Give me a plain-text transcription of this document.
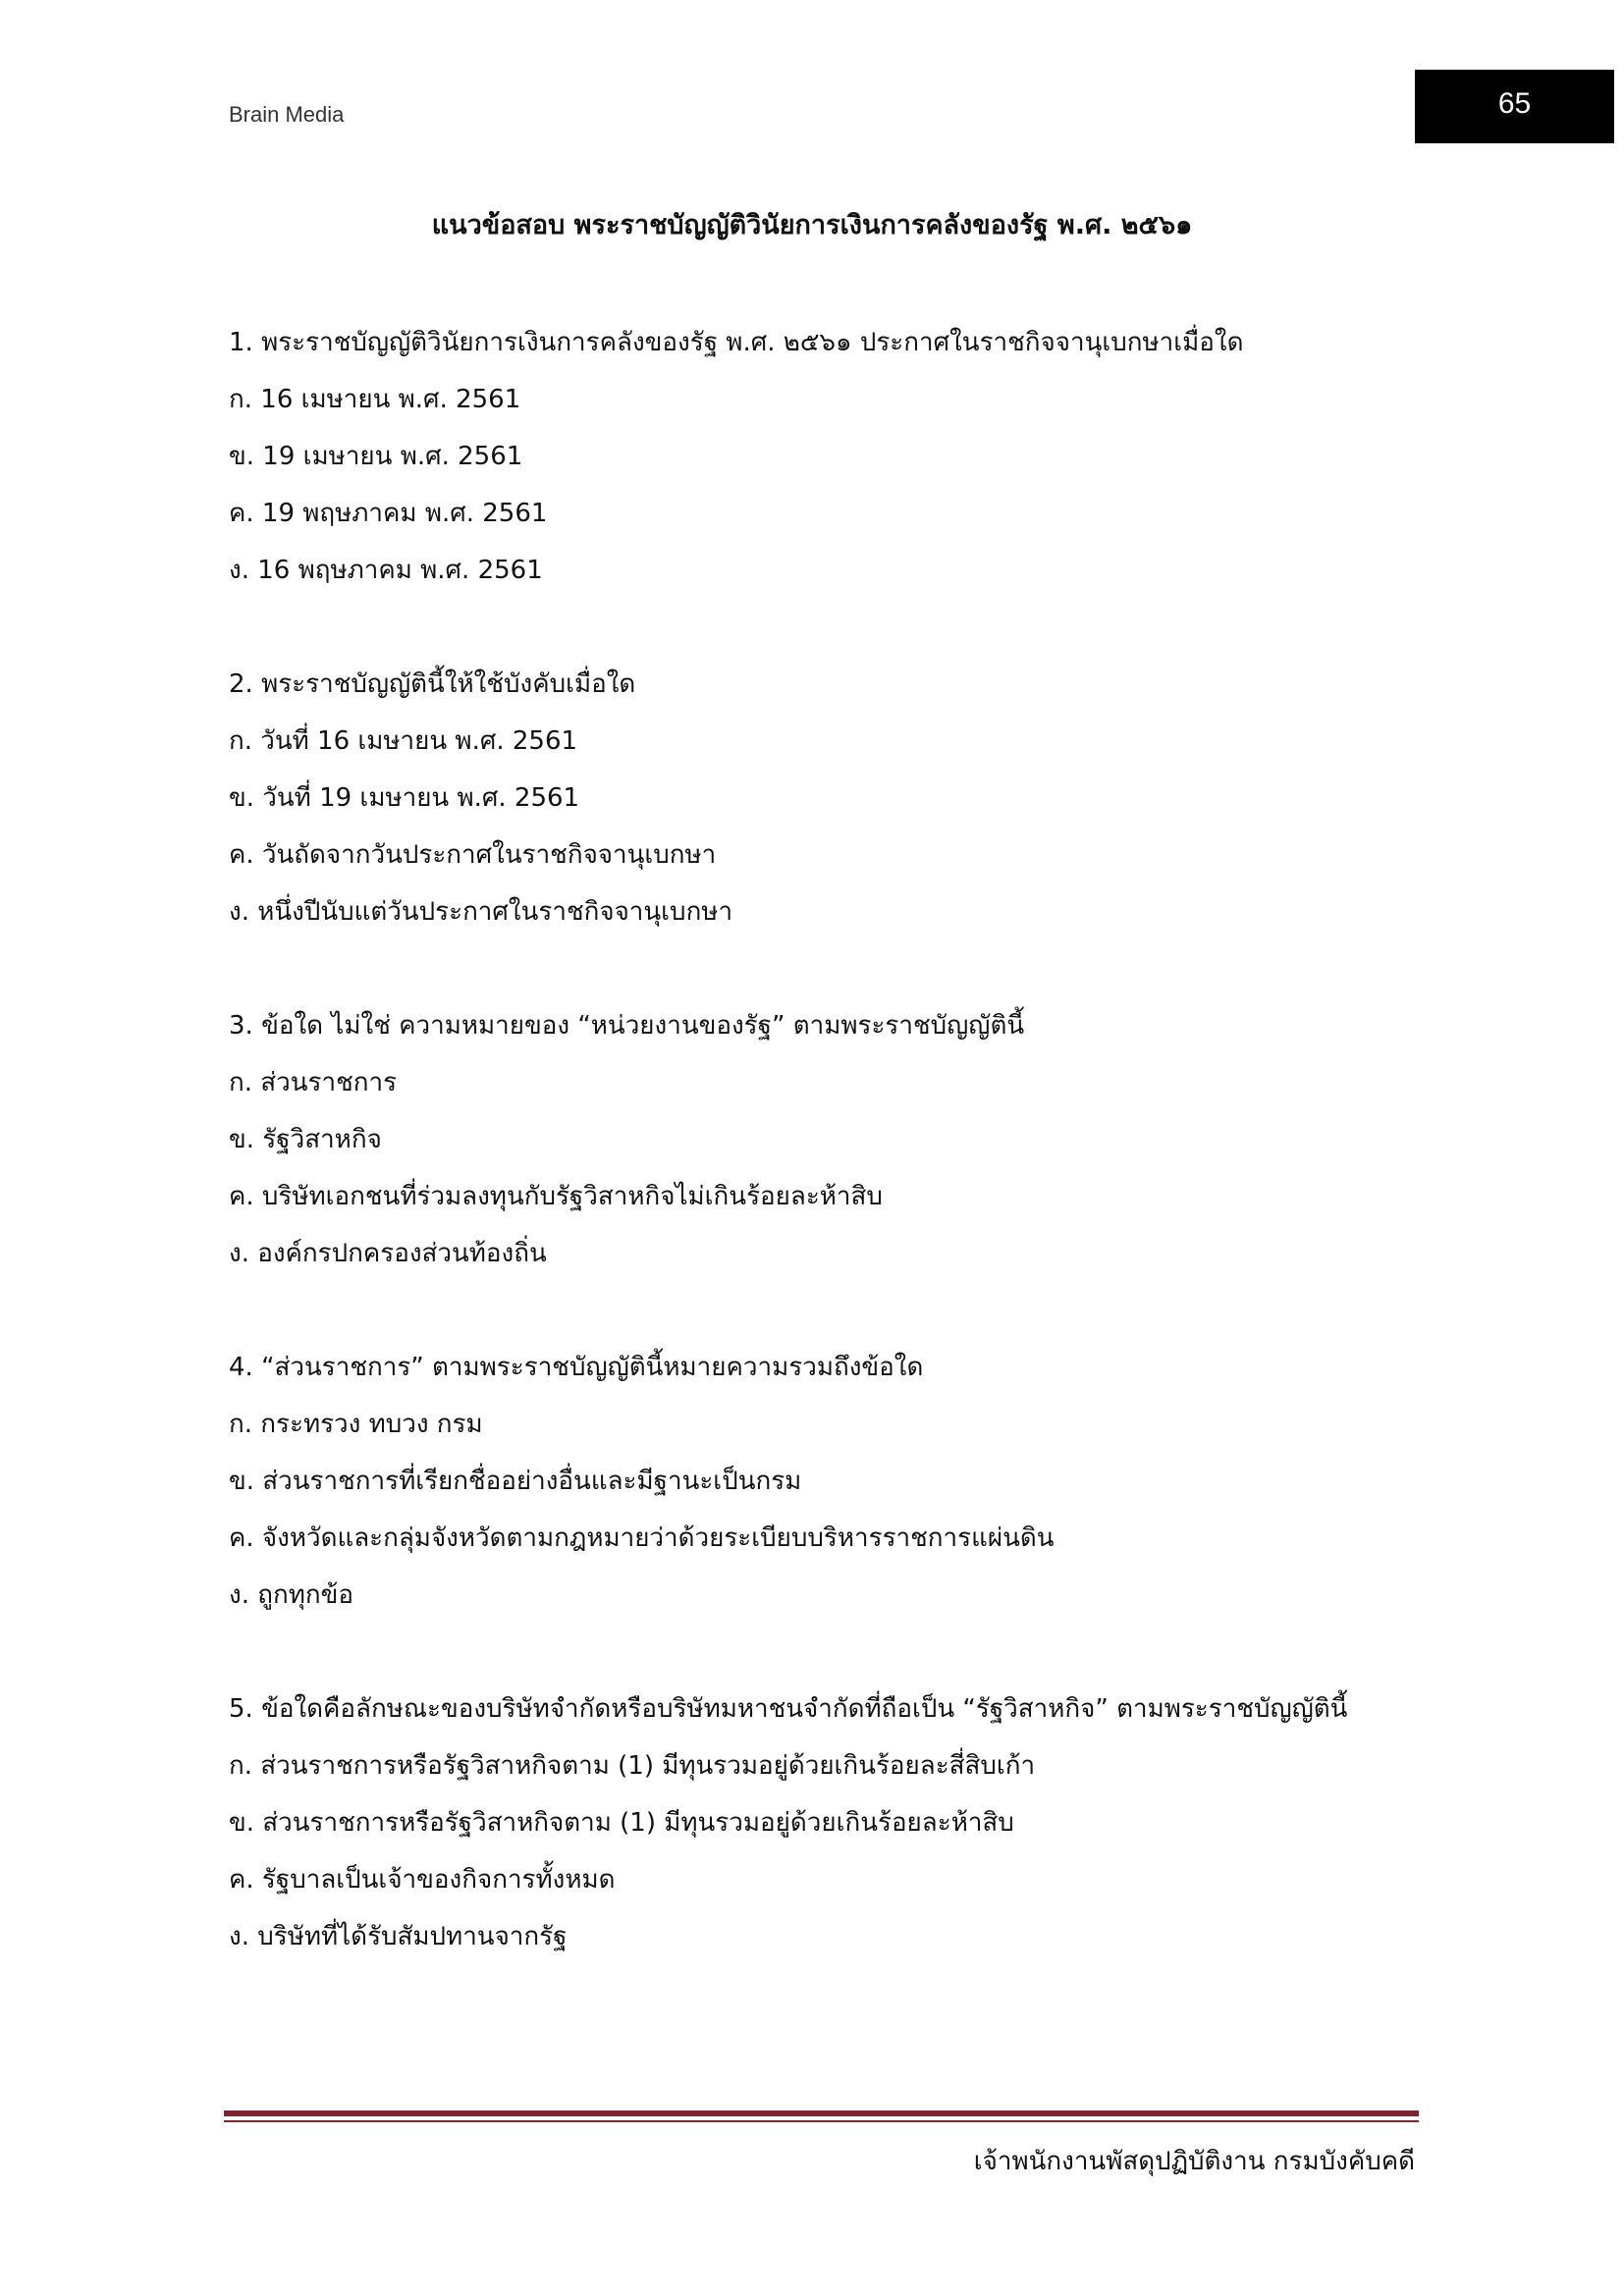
Brain Media	65
แนวข้อสอบ พระราชบัญญัติวินัยการเงินการคลังของรัฐ พ.ศ. ๒๕๖๑
1. พระราชบัญญัติวินัยการเงินการคลังของรัฐ พ.ศ. ๒๕๖๑ ประกาศในราชกิจจานุเบกษาเมื่อใด
ก. 16 เมษายน พ.ศ. 2561
ข. 19 เมษายน พ.ศ. 2561
ค. 19 พฤษภาคม พ.ศ. 2561
ง. 16 พฤษภาคม พ.ศ. 2561
2. พระราชบัญญัตินี้ให้ใช้บังคับเมื่อใด
ก. วันที่ 16 เมษายน พ.ศ. 2561
ข. วันที่ 19 เมษายน พ.ศ. 2561
ค. วันถัดจากวันประกาศในราชกิจจานุเบกษา
ง. หนึ่งปีนับแต่วันประกาศในราชกิจจานุเบกษา
3. ข้อใด ไม่ใช่ ความหมายของ “หน่วยงานของรัฐ” ตามพระราชบัญญัตินี้
ก. ส่วนราชการ
ข. รัฐวิสาหกิจ
ค. บริษัทเอกชนที่ร่วมลงทุนกับรัฐวิสาหกิจไม่เกินร้อยละห้าสิบ
ง. องค์กรปกครองส่วนท้องถิ่น
4. “ส่วนราชการ” ตามพระราชบัญญัตินี้หมายความรวมถึงข้อใด
ก. กระทรวง ทบวง กรม
ข. ส่วนราชการที่เรียกชื่ออย่างอื่นและมีฐานะเป็นกรม
ค. จังหวัดและกลุ่มจังหวัดตามกฎหมายว่าด้วยระเบียบบริหารราชการแผ่นดิน
ง. ถูกทุกข้อ
5. ข้อใดคือลักษณะของบริษัทจำกัดหรือบริษัทมหาชนจำกัดที่ถือเป็น “รัฐวิสาหกิจ” ตามพระราชบัญญัตินี้
ก. ส่วนราชการหรือรัฐวิสาหกิจตาม (1) มีทุนรวมอยู่ด้วยเกินร้อยละสี่สิบเก้า
ข. ส่วนราชการหรือรัฐวิสาหกิจตาม (1) มีทุนรวมอยู่ด้วยเกินร้อยละห้าสิบ
ค. รัฐบาลเป็นเจ้าของกิจการทั้งหมด
ง. บริษัทที่ได้รับสัมปทานจากรัฐ
เจ้าพนักงานพัสดุปฏิบัติงาน กรมบังคับคดี
